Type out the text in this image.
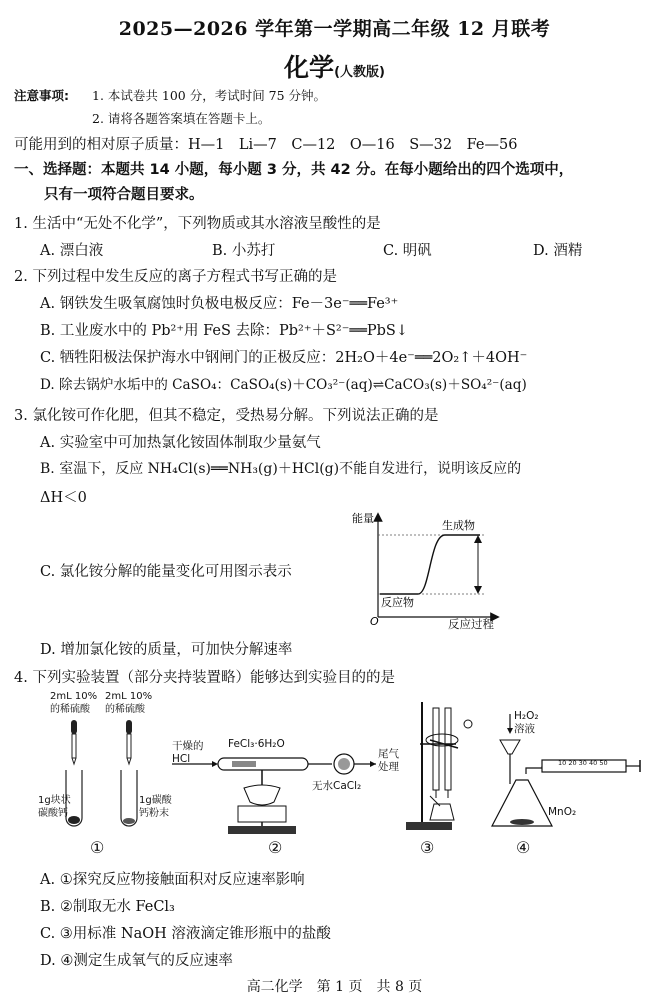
2025—2026 学年第一学期高二年级 12 月联考
化学(人教版)
注意事项: 1. 本试卷共 100 分，考试时间 75 分钟。
2. 请将各题答案填在答题卡上。
可能用到的相对原子质量：H—1　Li—7　C—12　O—16　S—32　Fe—56
一、选择题：本题共 14 小题，每小题 3 分，共 42 分。在每小题给出的四个选项中，
只有一项符合题目要求。
1. 生活中“无处不化学”，下列物质或其水溶液呈酸性的是
A. 漂白液	B. 小苏打	C. 明矾	D. 酒精
2. 下列过程中发生反应的离子方程式书写正确的是
A. 钢铁发生吸氧腐蚀时负极电极反应：Fe－3e⁻══Fe³⁺
B. 工业废水中的 Pb²⁺用 FeS 去除：Pb²⁺＋S²⁻══PbS↓
C. 牺牲阳极法保护海水中钢闸门的正极反应：2H₂O＋4e⁻══2O₂↑＋4OH⁻
D. 除去锅炉水垢中的 CaSO₄：CaSO₄(s)＋CO₃²⁻(aq)⇌CaCO₃(s)＋SO₄²⁻(aq)
3. 氯化铵可作化肥，但其不稳定，受热易分解。下列说法正确的是
A. 实验室中可加热氯化铵固体制取少量氨气
B. 室温下，反应 NH₄Cl(s)══NH₃(g)＋HCl(g)不能自发进行，说明该反应的
ΔH＜0
C. 氯化铵分解的能量变化可用图示表示
D. 增加氯化铵的质量，可加快分解速率
能量
O
生成物
反应物
反应过程
4. 下列实验装置（部分夹持装置略）能够达到实验目的的是
2mL 10%
的稀硫酸
2mL 10%
的稀硫酸
1g块状
碳酸钙
1g碳酸
钙粉末
①
干燥的
HCl
FeCl₃·6H₂O
无水CaCl₂
尾气
处理
②	③
H₂O₂
溶液
10 20 30 40 50
MnO₂
④
A. ①探究反应物接触面积对反应速率影响
B. ②制取无水 FeCl₃
C. ③用标准 NaOH 溶液滴定锥形瓶中的盐酸
D. ④测定生成氧气的反应速率
高二化学　第 1 页　共 8 页
